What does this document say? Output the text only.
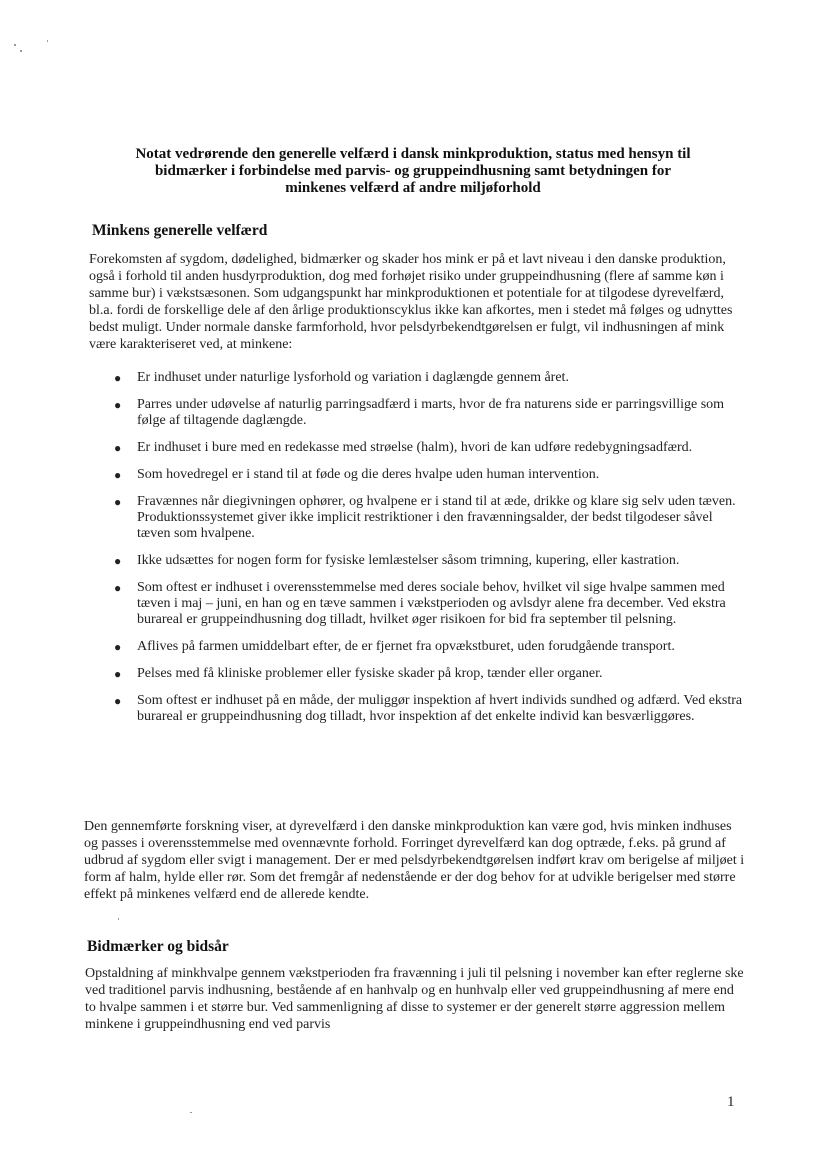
Notat vedrørende den generelle velfærd i dansk minkproduktion, status med hensyn til
bidmærker i forbindelse med parvis- og gruppeindhusning samt betydningen for
minkenes velfærd af andre miljøforhold
Minkens generelle velfærd

Forekomsten af sygdom, dødelighed, bidmærker og skader hos mink er på et lavt niveau i den danske produktion, også i forhold til anden husdyrproduktion, dog med forhøjet risiko under gruppeindhusning (flere af samme køn i samme bur) i vækstsæsonen. Som udgangspunkt har minkproduktionen et potentiale for at tilgodese dyrevelfærd, bl.a. fordi de forskellige dele af den årlige produktionscyklus ikke kan afkortes, men i stedet må følges og udnyttes bedst muligt. Under normale danske farmforhold, hvor pelsdyrbekendtgørelsen er fulgt, vil indhusningen af mink være karakteriseret ved, at minkene:

● Er indhuset under naturlige lysforhold og variation i daglængde gennem året.
● Parres under udøvelse af naturlig parringsadfærd i marts, hvor de fra naturens side er parringsvillige som følge af tiltagende daglængde.
● Er indhuset i bure med en redekasse med strøelse (halm), hvori de kan udføre redebygningsadfærd.
● Som hovedregel er i stand til at føde og die deres hvalpe uden human intervention.
● Fravænnes når diegivningen ophører, og hvalpene er i stand til at æde, drikke og klare sig selv uden tæven. Produktionssystemet giver ikke implicit restriktioner i den fravænningsalder, der bedst tilgodeser såvel tæven som hvalpene.
● Ikke udsættes for nogen form for fysiske lemlæstelser såsom trimning, kupering, eller kastration.
● Som oftest er indhuset i overensstemmelse med deres sociale behov, hvilket vil sige hvalpe sammen med tæven i maj – juni, en han og en tæve sammen i vækstperioden og avlsdyr alene fra december. Ved ekstra burareal er gruppeindhusning dog tilladt, hvilket øger risikoen for bid fra september til pelsning.
● Aflives på farmen umiddelbart efter, de er fjernet fra opvækstburet, uden forudgående transport.
● Pelses med få kliniske problemer eller fysiske skader på krop, tænder eller organer.
● Som oftest er indhuset på en måde, der muliggør inspektion af hvert individs sundhed og adfærd. Ved ekstra burareal er gruppeindhusning dog tilladt, hvor inspektion af det enkelte individ kan besværliggøres.

Den gennemførte forskning viser, at dyrevelfærd i den danske minkproduktion kan være god, hvis minken indhuses og passes i overensstemmelse med ovennævnte forhold. Forringet dyrevelfærd kan dog optræde, f.eks. på grund af udbrud af sygdom eller svigt i management. Der er med pelsdyrbekendtgørelsen indført krav om berigelse af miljøet i form af halm, hylde eller rør. Som det fremgår af nedenstående er der dog behov for at udvikle berigelser med større effekt på minkenes velfærd end de allerede kendte.

Bidmærker og bidsår

Opstaldning af minkhvalpe gennem vækstperioden fra fravænning i juli til pelsning i november kan efter reglerne ske ved traditionel parvis indhusning, bestående af en hanhvalp og en hunhvalp eller ved gruppeindhusning af mere end to hvalpe sammen i et større bur. Ved sammenligning af disse to systemer er der generelt større aggression mellem minkene i gruppeindhusning end ved parvis

1
